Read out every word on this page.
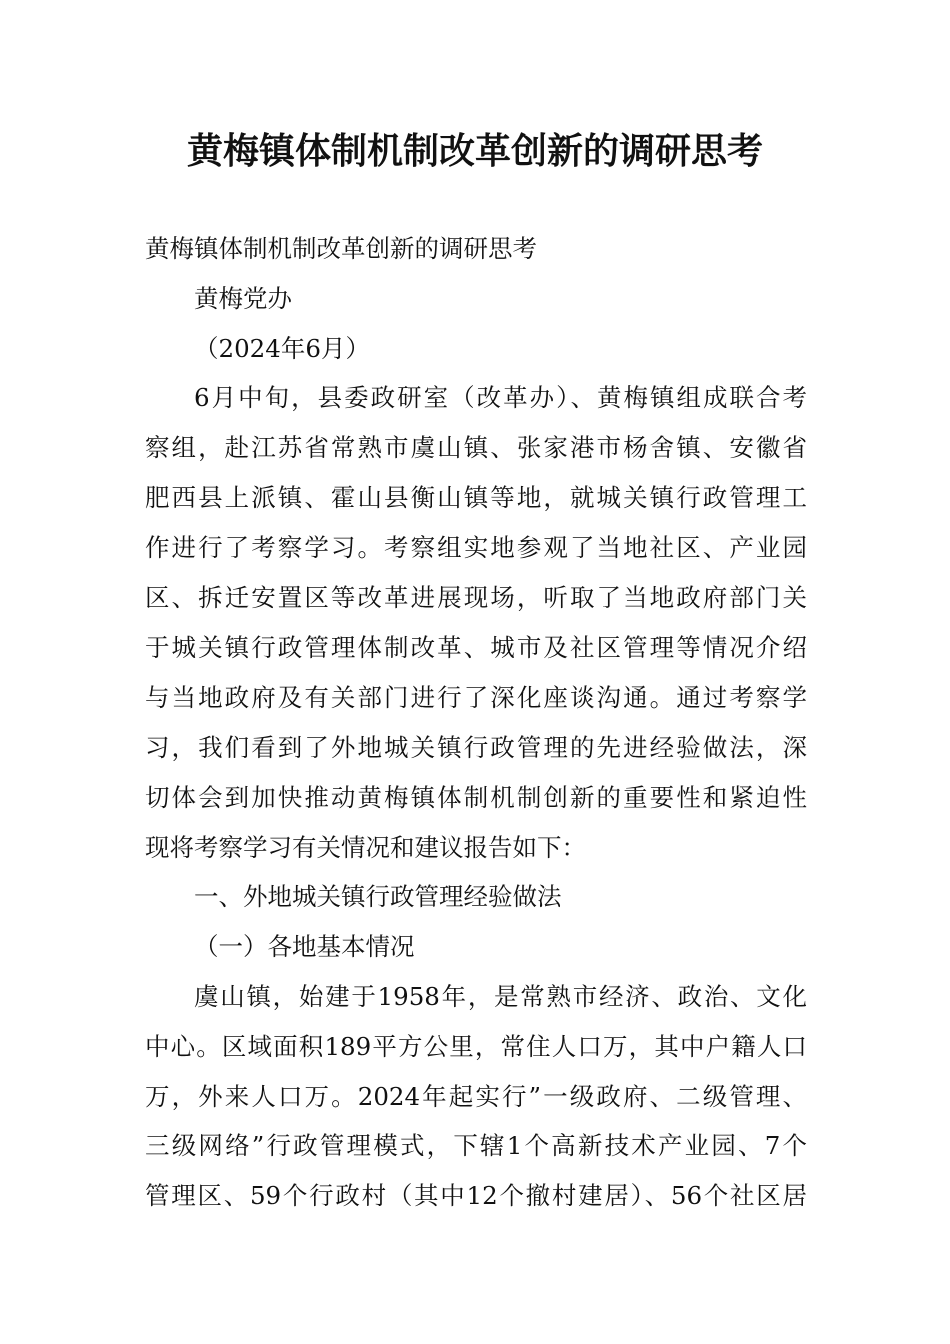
黄梅镇体制机制改革创新的调研思考

黄梅镇体制机制改革创新的调研思考

黄梅党办

（2024年6月）

6月中旬，县委政研室（改革办）、黄梅镇组成联合考

察组，赴江苏省常熟市虞山镇、张家港市杨舍镇、安徽省

肥西县上派镇、霍山县衡山镇等地，就城关镇行政管理工

作进行了考察学习。考察组实地参观了当地社区、产业园

区、拆迁安置区等改革进展现场，听取了当地政府部门关

于城关镇行政管理体制改革、城市及社区管理等情况介绍

与当地政府及有关部门进行了深化座谈沟通。通过考察学

习，我们看到了外地城关镇行政管理的先进经验做法，深

切体会到加快推动黄梅镇体制机制创新的重要性和紧迫性

现将考察学习有关情况和建议报告如下：

一、外地城关镇行政管理经验做法

（一）各地基本情况

虞山镇，始建于1958年，是常熟市经济、政治、文化

中心。区域面积189平方公里，常住人口万，其中户籍人口

万，外来人口万。2024年起实行”一级政府、二级管理、

三级网络”行政管理模式，下辖1个高新技术产业园、7个

管理区、59个行政村（其中12个撤村建居）、56个社区居
